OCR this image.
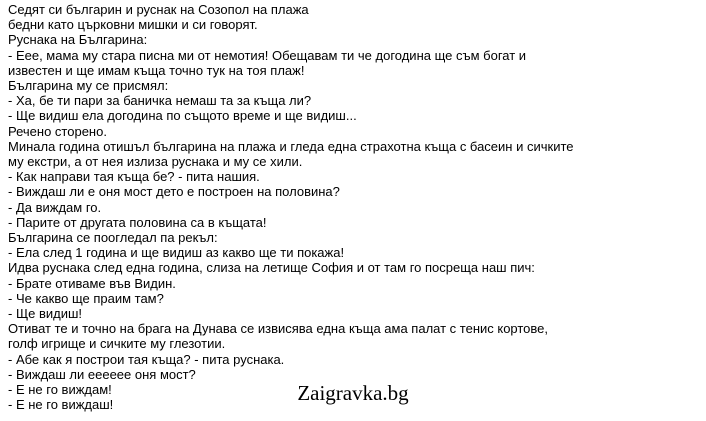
Седят си българин и руснак на Созопол на плажа
бедни като църковни мишки и си говорят.
Руснака на Българина:
- Еее, мама му стара писна ми от немотия! Обещавам ти че догодина ще съм богат и
известен и ще имам къща точно тук на тоя плаж!
Българина му се присмял:
- Ха, бе ти пари за баничка немаш та за къща ли?
- Ще видиш ела догодина по същото време и ще видиш...
Речено сторено.
Минала година отишъл българина на плажа и гледа една страхотна къща с басеин и сичките
му екстри, а от нея излиза руснака и му се хили.
- Как направи тая къща бе? - пита нашия.
- Виждаш ли е оня мост дето е построен на половина?
- Да виждам го.
- Парите от другата половина са в къщата!
Българина се поогледал па рекъл:
- Ела след 1 година и ще видиш аз какво ще ти покажа!
Идва руснака след една година, слиза на летище София и от там го посреща наш пич:
- Брате отиваме във Видин.
- Че какво ще праим там?
- Ще видиш!
Отиват те и точно на брага на Дунава се извисява една къща ама палат с тенис кортове,
голф игрище и сичките му глезотии.
- Абе как я построи тая къща? - пита руснака.
- Виждаш ли ееееее оня мост?
- Е не го виждам!
- Е не го виждаш!	Zaigravka.bg
